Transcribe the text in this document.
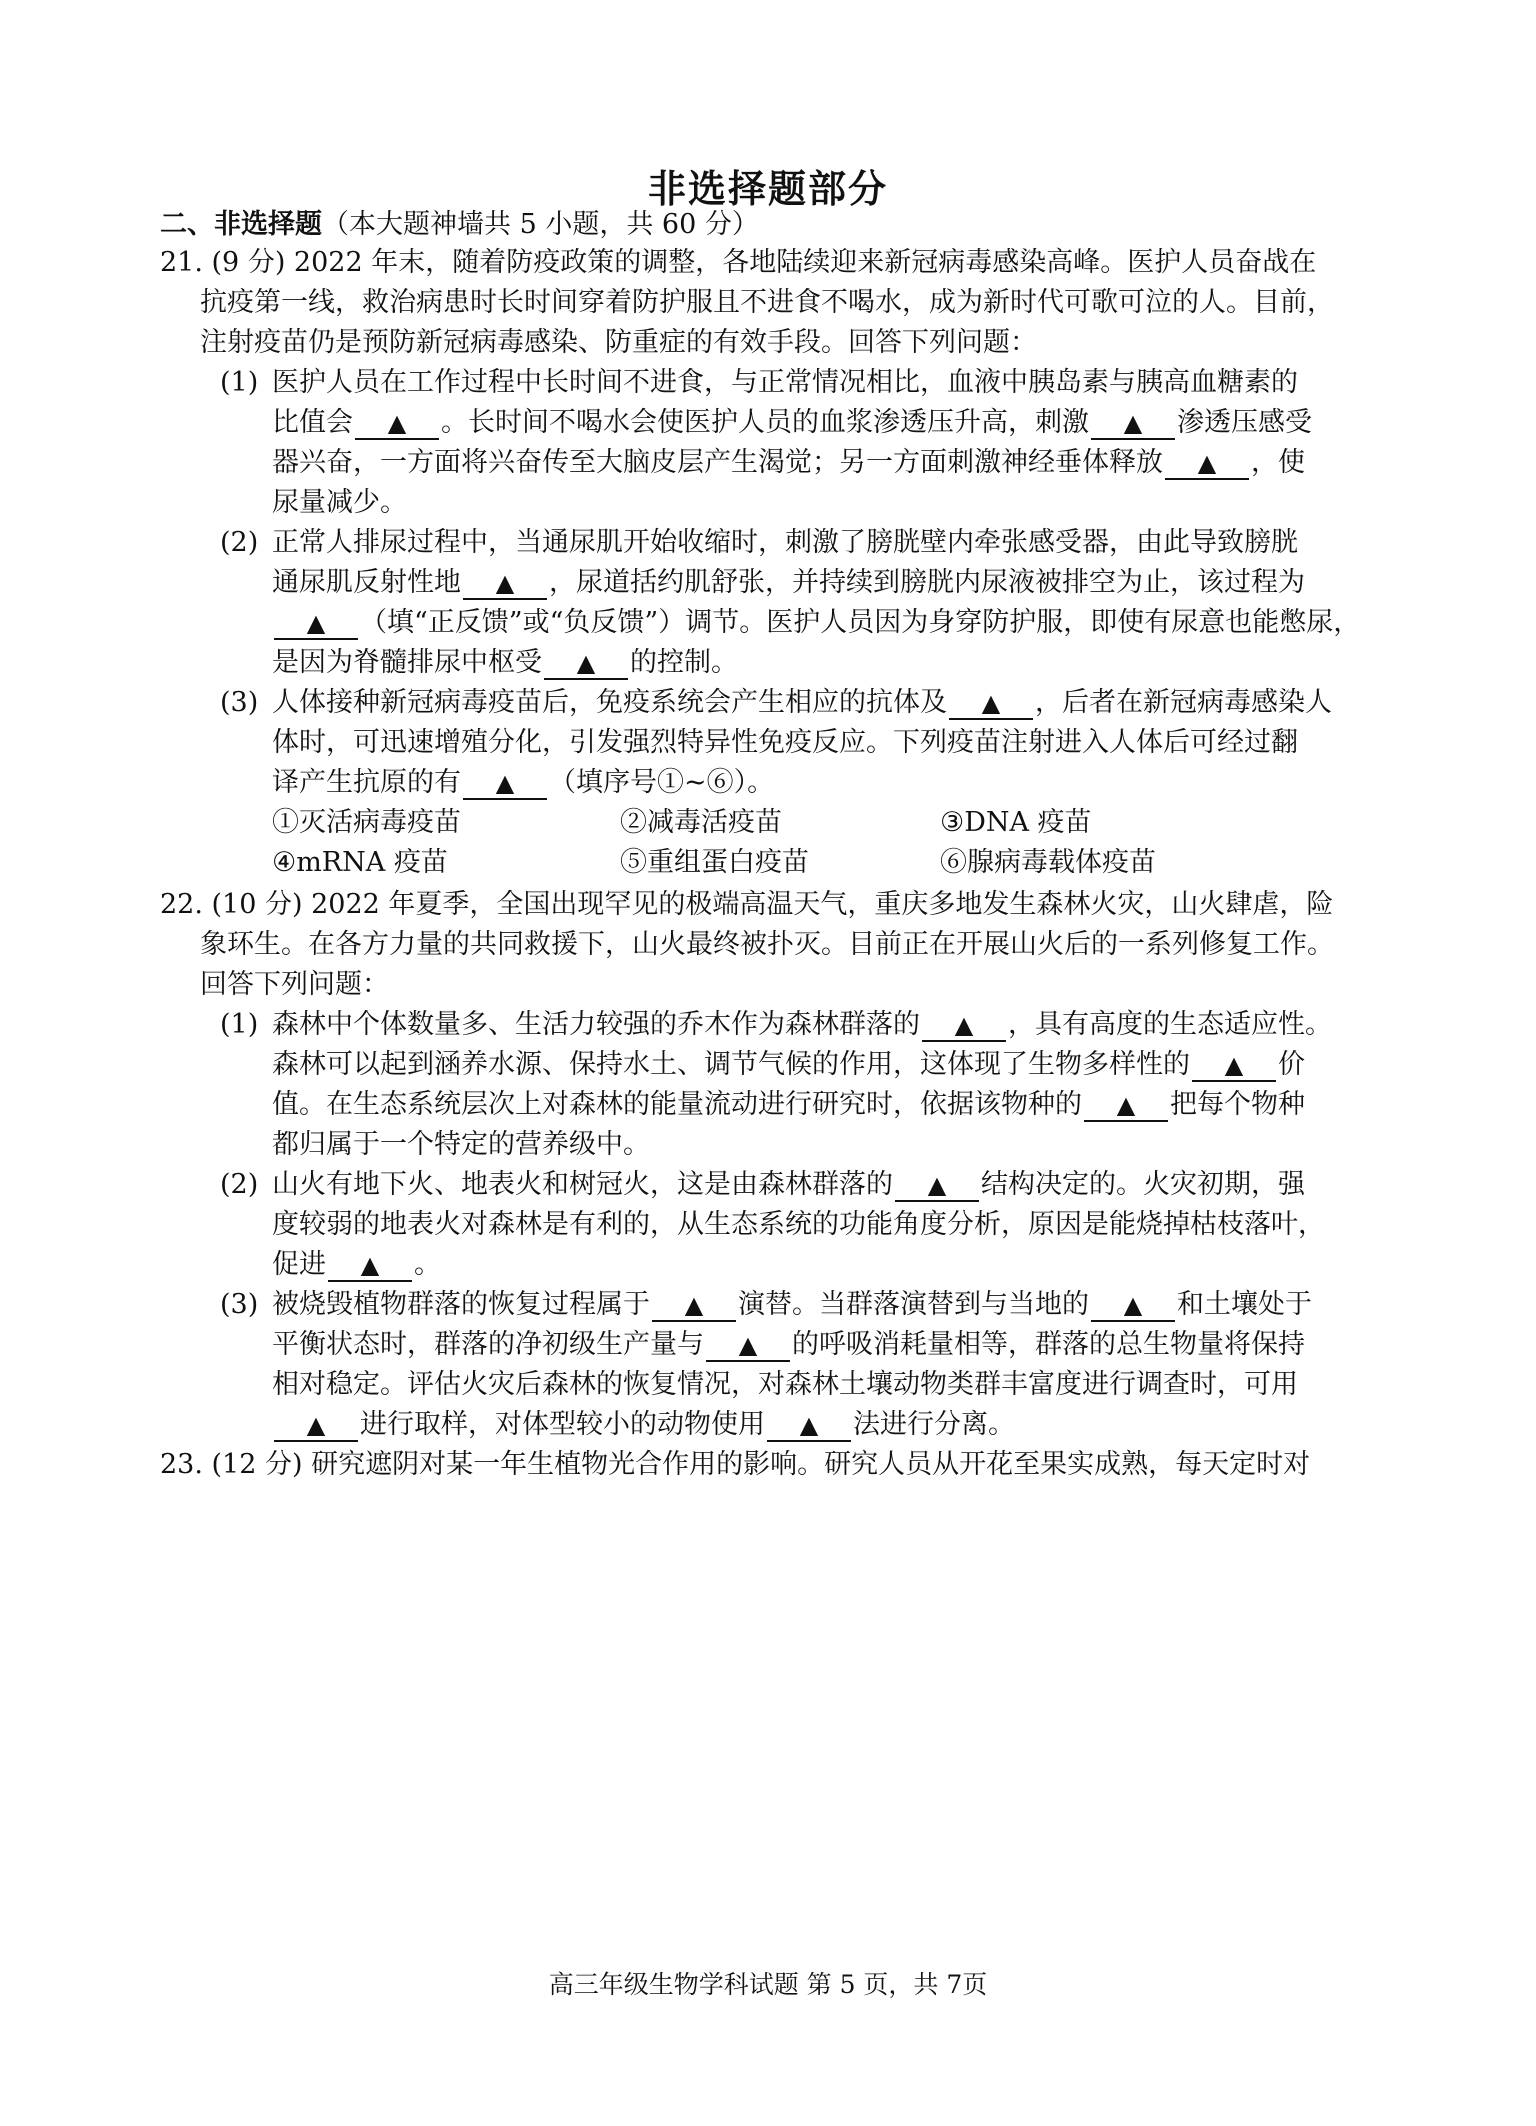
非选择题部分
二、非选择题（本大题神墙共 5 小题，共 60 分）
21. (9 分) 2022 年末，随着防疫政策的调整，各地陆续迎来新冠病毒感染高峰。医护人员奋战在
抗疫第一线，救治病患时长时间穿着防护服且不进食不喝水，成为新时代可歌可泣的人。目前，
注射疫苗仍是预防新冠病毒感染、防重症的有效手段。回答下列问题：
(1) 医护人员在工作过程中长时间不进食，与正常情况相比，血液中胰岛素与胰高血糖素的
比值会 ▲ 。长时间不喝水会使医护人员的血浆渗透压升高，刺激 ▲ 渗透压感受
器兴奋，一方面将兴奋传至大脑皮层产生渴觉；另一方面刺激神经垂体释放 ▲ ，使
尿量减少。
(2) 正常人排尿过程中，当通尿肌开始收缩时，刺激了膀胱壁内牵张感受器，由此导致膀胱
通尿肌反射性地 ▲ ，尿道括约肌舒张，并持续到膀胱内尿液被排空为止，该过程为
▲ （填“正反馈”或“负反馈”）调节。医护人员因为身穿防护服，即使有尿意也能憋尿，
是因为脊髓排尿中枢受 ▲ 的控制。
(3) 人体接种新冠病毒疫苗后，免疫系统会产生相应的抗体及 ▲ ，后者在新冠病毒感染人
体时，可迅速增殖分化，引发强烈特异性免疫反应。下列疫苗注射进入人体后可经过翻
译产生抗原的有 ▲ （填序号①~⑥）。
①灭活病毒疫苗	②减毒活疫苗	③DNA 疫苗
④mRNA 疫苗	⑤重组蛋白疫苗	⑥腺病毒载体疫苗
22. (10 分) 2022 年夏季，全国出现罕见的极端高温天气，重庆多地发生森林火灾，山火肆虐，险
象环生。在各方力量的共同救援下，山火最终被扑灭。目前正在开展山火后的一系列修复工作。
回答下列问题：
(1) 森林中个体数量多、生活力较强的乔木作为森林群落的 ▲ ，具有高度的生态适应性。
森林可以起到涵养水源、保持水土、调节气候的作用，这体现了生物多样性的 ▲ 价
值。在生态系统层次上对森林的能量流动进行研究时，依据该物种的 ▲ 把每个物种
都归属于一个特定的营养级中。
(2) 山火有地下火、地表火和树冠火，这是由森林群落的 ▲ 结构决定的。火灾初期，强
度较弱的地表火对森林是有利的，从生态系统的功能角度分析，原因是能烧掉枯枝落叶，
促进 ▲ 。
(3) 被烧毁植物群落的恢复过程属于 ▲ 演替。当群落演替到与当地的 ▲ 和土壤处于
平衡状态时，群落的净初级生产量与 ▲ 的呼吸消耗量相等，群落的总生物量将保持
相对稳定。评估火灾后森林的恢复情况，对森林土壤动物类群丰富度进行调查时，可用
▲ 进行取样，对体型较小的动物使用 ▲ 法进行分离。
23. (12 分) 研究遮阴对某一年生植物光合作用的影响。研究人员从开花至果实成熟，每天定时对
高三年级生物学科试题 第 5 页，共 7页
